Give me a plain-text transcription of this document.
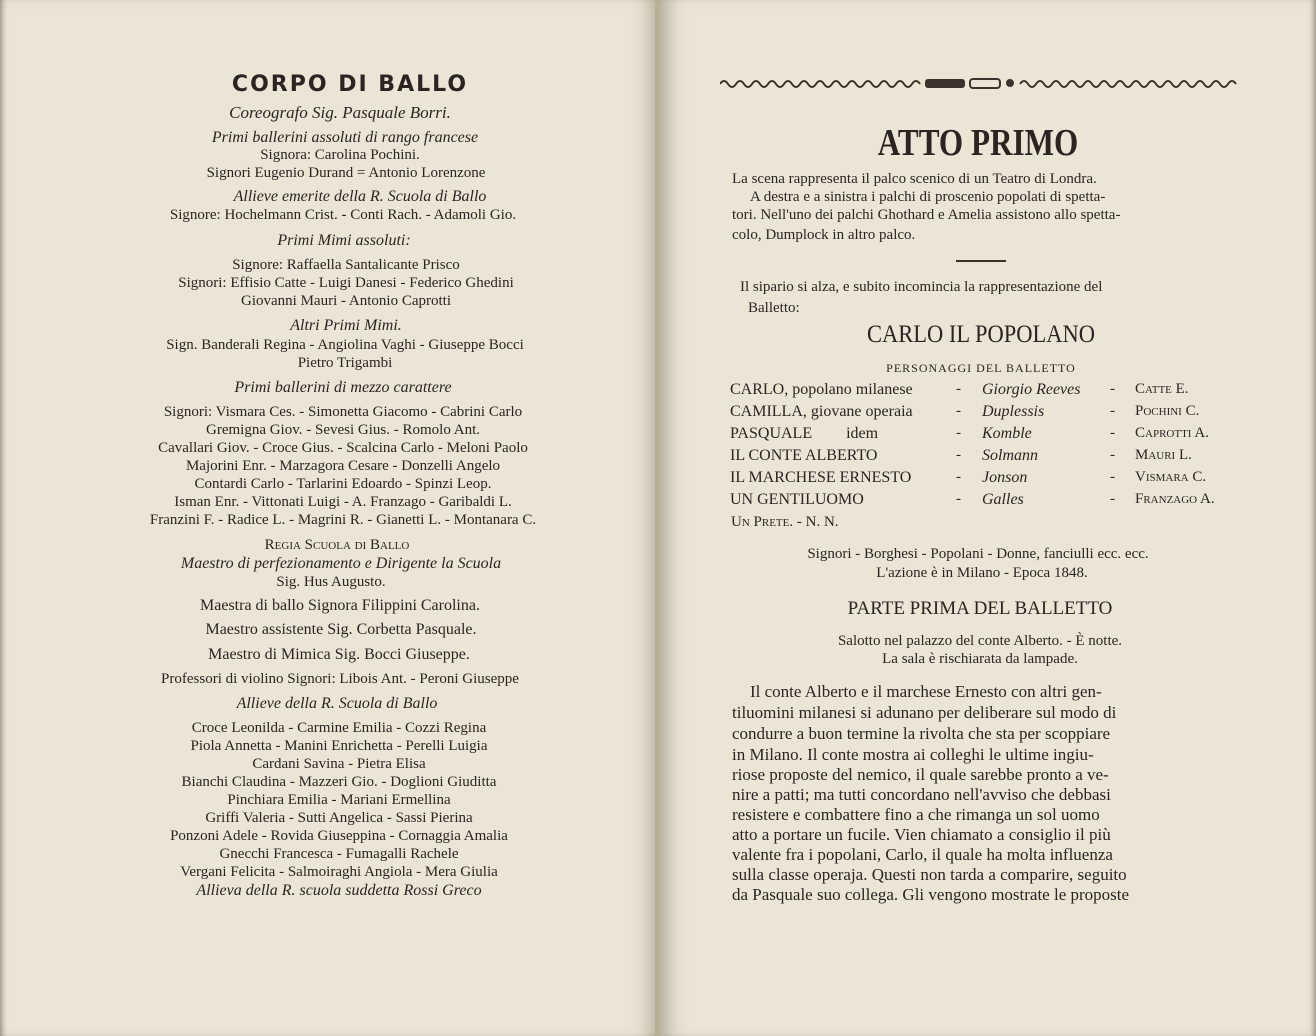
CORPO DI BALLO
Coreografo Sig. Pasquale Borri.
Primi ballerini assoluti di rango francese
Signora: Carolina Pochini.
Signori Eugenio Durand = Antonio Lorenzone
Allieve emerite della R. Scuola di Ballo
Signore: Hochelmann Crist. - Conti Rach. - Adamoli Gio.
Primi Mimi assoluti:
Signore: Raffaella Santalicante Prisco
Signori: Effisio Catte - Luigi Danesi - Federico Ghedini
Giovanni Mauri - Antonio Caprotti
Altri Primi Mimi.
Sign. Banderali Regina - Angiolina Vaghi - Giuseppe Bocci
Pietro Trigambi
Primi ballerini di mezzo carattere
Signori: Vismara Ces. - Simonetta Giacomo - Cabrini Carlo
Gremigna Giov. - Sevesi Gius. - Romolo Ant.
Cavallari Giov. - Croce Gius. - Scalcina Carlo - Meloni Paolo
Majorini Enr. - Marzagora Cesare - Donzelli Angelo
Contardi Carlo - Tarlarini Edoardo - Spinzi Leop.
Isman Enr. - Vittonati Luigi - A. Franzago - Garibaldi L.
Franzini F. - Radice L. - Magrini R. - Gianetti L. - Montanara C.
Regia Scuola di Ballo
Maestro di perfezionamento e Dirigente la Scuola
Sig. Hus Augusto.
Maestra di ballo Signora Filippini Carolina.
Maestro assistente Sig. Corbetta Pasquale.
Maestro di Mimica Sig. Bocci Giuseppe.
Professori di violino Signori: Libois Ant. - Peroni Giuseppe
Allieve della R. Scuola di Ballo
Croce Leonilda - Carmine Emilia - Cozzi Regina
Piola Annetta - Manini Enrichetta - Perelli Luigia
Cardani Savina - Pietra Elisa
Bianchi Claudina - Mazzeri Gio. - Doglioni Giuditta
Pinchiara Emilia - Mariani Ermellina
Griffi Valeria - Sutti Angelica - Sassi Pierina
Ponzoni Adele - Rovida Giuseppina - Cornaggia Amalia
Gnecchi Francesca - Fumagalli Rachele
Vergani Felicita - Salmoiraghi Angiola - Mera Giulia
Allieva della R. scuola suddetta Rossi Greco
ATTO PRIMO
La scena rappresenta il palco scenico di un Teatro di Londra.
A destra e a sinistra i palchi di proscenio popolati di spetta-
tori. Nell'uno dei palchi Ghothard e Amelia assistono allo spetta-
colo, Dumplock in altro palco.
Il sipario si alza, e subito incomincia la rappresentazione del
Balletto:
CARLO IL POPOLANO
PERSONAGGI DEL BALLETTO
CARLO, popolano milanese	- Giorgio Reeves - Catte E.
CAMILLA, giovane operaia	- Duplessis	- Pochini C.
PASQUALE idem	- Komble	- Caprotti A.
IL CONTE ALBERTO	- Solmann	- Mauri L.
IL MARCHESE ERNESTO	- Jonson	- Vismara C.
UN GENTILUOMO	- Galles	- Franzago A.
Un Prete. - N. N.
Signori - Borghesi - Popolani - Donne, fanciulli ecc. ecc.
L'azione è in Milano - Epoca 1848.
PARTE PRIMA DEL BALLETTO
Salotto nel palazzo del conte Alberto. - È notte.
La sala è rischiarata da lampade.
Il conte Alberto e il marchese Ernesto con altri gen-
tiluomini milanesi si adunano per deliberare sul modo di
condurre a buon termine la rivolta che sta per scoppiare
in Milano. Il conte mostra ai colleghi le ultime ingiu-
riose proposte del nemico, il quale sarebbe pronto a ve-
nire a patti; ma tutti concordano nell'avviso che debbasi
resistere e combattere fino a che rimanga un sol uomo
atto a portare un fucile. Vien chiamato a consiglio il più
valente fra i popolani, Carlo, il quale ha molta influenza
sulla classe operaja. Questi non tarda a comparire, seguito
da Pasquale suo collega. Gli vengono mostrate le proposte
